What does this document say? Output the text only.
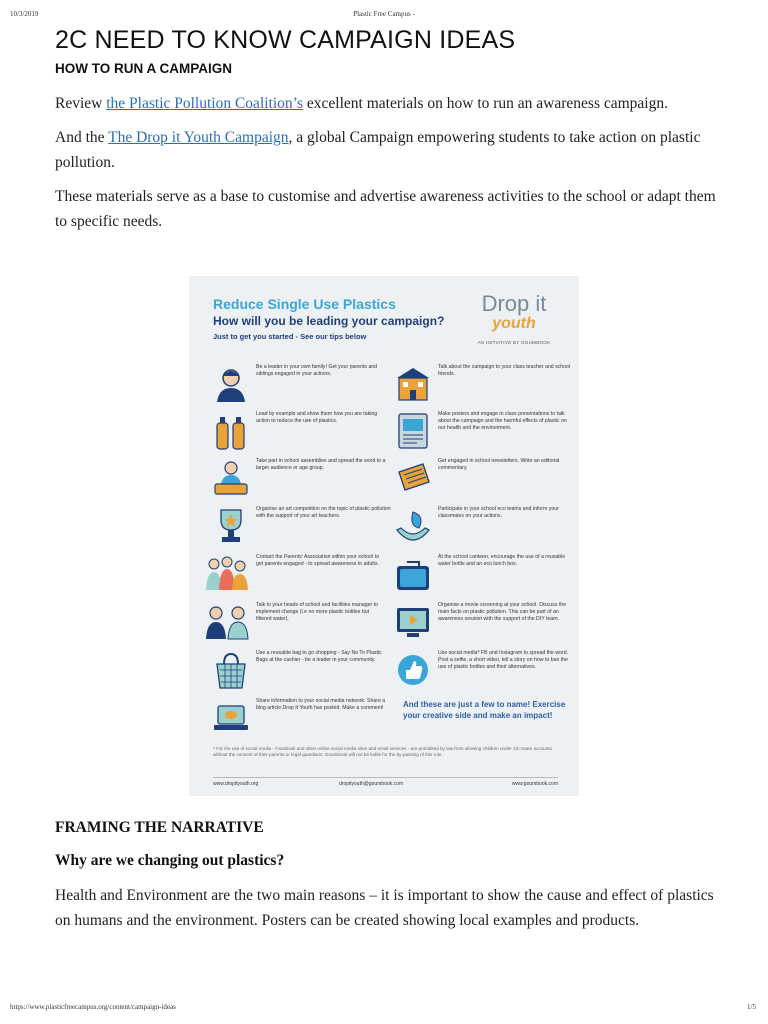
10/3/2019	Plastic Free Campus -
2C NEED TO KNOW CAMPAIGN IDEAS
HOW TO RUN A CAMPAIGN

Review the Plastic Pollution Coalition’s excellent materials on how to run an awareness campaign.

And the The Drop it Youth Campaign, a global Campaign empowering students to take action on plastic pollution.

These materials serve as a base to customise and advertise awareness activities to the school or adapt them to specific needs.

Reduce Single Use Plastics
How will you be leading your campaign?
Just to get you started - See our tips below
Drop it
youth
AN INITIATIVE BY GOUMBOOK
Be a leader in your own family! Get your parents and siblings engaged in your actions.
Lead by example and show them how you are taking action to reduce the use of plastics.
Take part in school assemblies and spread the word to a larger audience or age group.
Organise an art competition on the topic of plastic pollution with the support of your art teachers.
Contact the Parents' Association within your school to get parents engaged - to spread awareness to adults.
Talk to your heads of school and facilities manager to implement change (i.e no more plastic bottles but filtered water).
Use a reusable bag to go shopping - Say No To Plastic Bags at the cashier - be a leader in your community.
Share information to your social media network. Share a blog article Drop It Youth has posted. Make a comment!
Talk about the campaign to your class teacher and school friends.
Make posters and engage in class presentations to talk about the campaign and the harmful effects of plastic on our health and the environment.
Get engaged in school newsletters. Write an editorial commentary.
Participate in your school eco teams and inform your classmates on your actions.
At the school canteen, encourage the use of a reusable water bottle and an eco lunch box.
Organise a movie screening at your school. Discuss the main facts on plastic pollution. This can be part of an awareness session with the support of the DIY team.
Use social media* FB and Instagram to spread the word. Post a selfie, a short video, tell a story on how to ban the use of plastic bottles and their alternatives.
And these are just a few to name! Exercise your creative side and make an impact!
* For the use of social media - Facebook and other online social media sites and email services - are prohibited by law from allowing children under 13 create accounts without the consent of their parents or legal guardians. Goumbook will not be liable for the by-passing of this rule.
www.dropityouth.org	dropityouth@goumbook.com	www.goumbook.com
FRAMING THE NARRATIVE
Why are we changing out plastics?

Health and Environment are the two main reasons – it is important to show the cause and effect of plastics on humans and the environment. Posters can be created showing local examples and products.

https://www.plasticfreecampus.org/content/campaign-ideas	1/5
